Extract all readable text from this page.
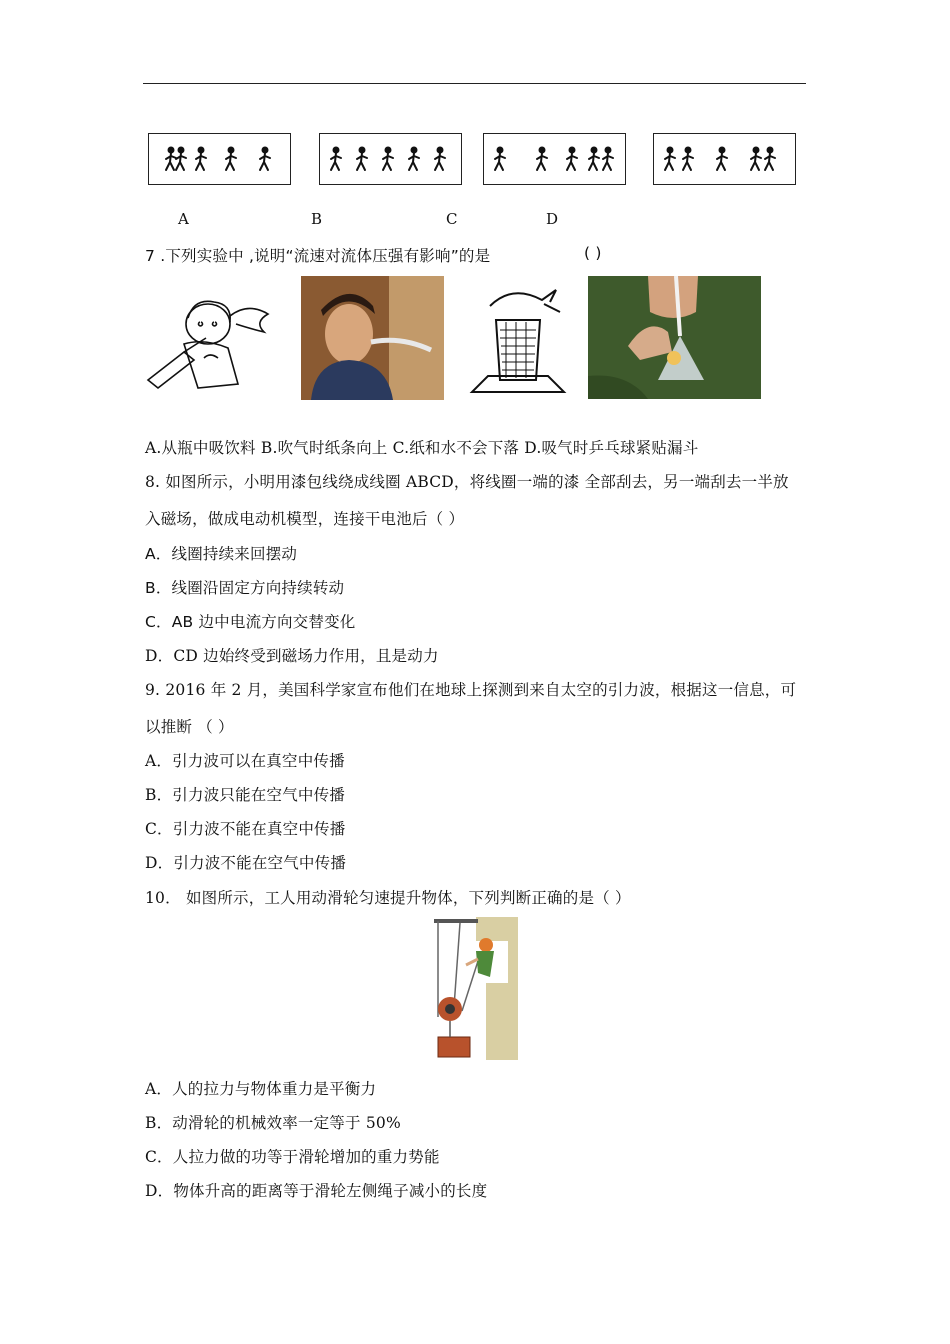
A	B	C	D
7 .下列实验中 ,说明“流速对流体压强有影响”的是	( )
A.从瓶中吸饮料 B.吹气时纸条向上 C.纸和水不会下落 D.吸气时乒乓球紧贴漏斗
8. 如图所示，小明用漆包线绕成线圈 ABCD，将线圈一端的漆 全部刮去，另一端刮去一半放
入磁场，做成电动机模型，连接干电池后（ ）
A．线圈持续来回摆动
B．线圈沿固定方向持续转动
C．AB 边中电流方向交替变化
D．CD 边始终受到磁场力作用，且是动力
9. 2016 年 2 月，美国科学家宣布他们在地球上探测到来自太空的引力波，根据这一信息，可
以推断 （ ）
A．引力波可以在真空中传播
B．引力波只能在空气中传播
C．引力波不能在真空中传播
D．引力波不能在空气中传播
10． 如图所示，工人用动滑轮匀速提升物体，下列判断正确的是（ ）
A．人的拉力与物体重力是平衡力
B．动滑轮的机械效率一定等于 50%
C．人拉力做的功等于滑轮增加的重力势能
D．物体升高的距离等于滑轮左侧绳子减小的长度
